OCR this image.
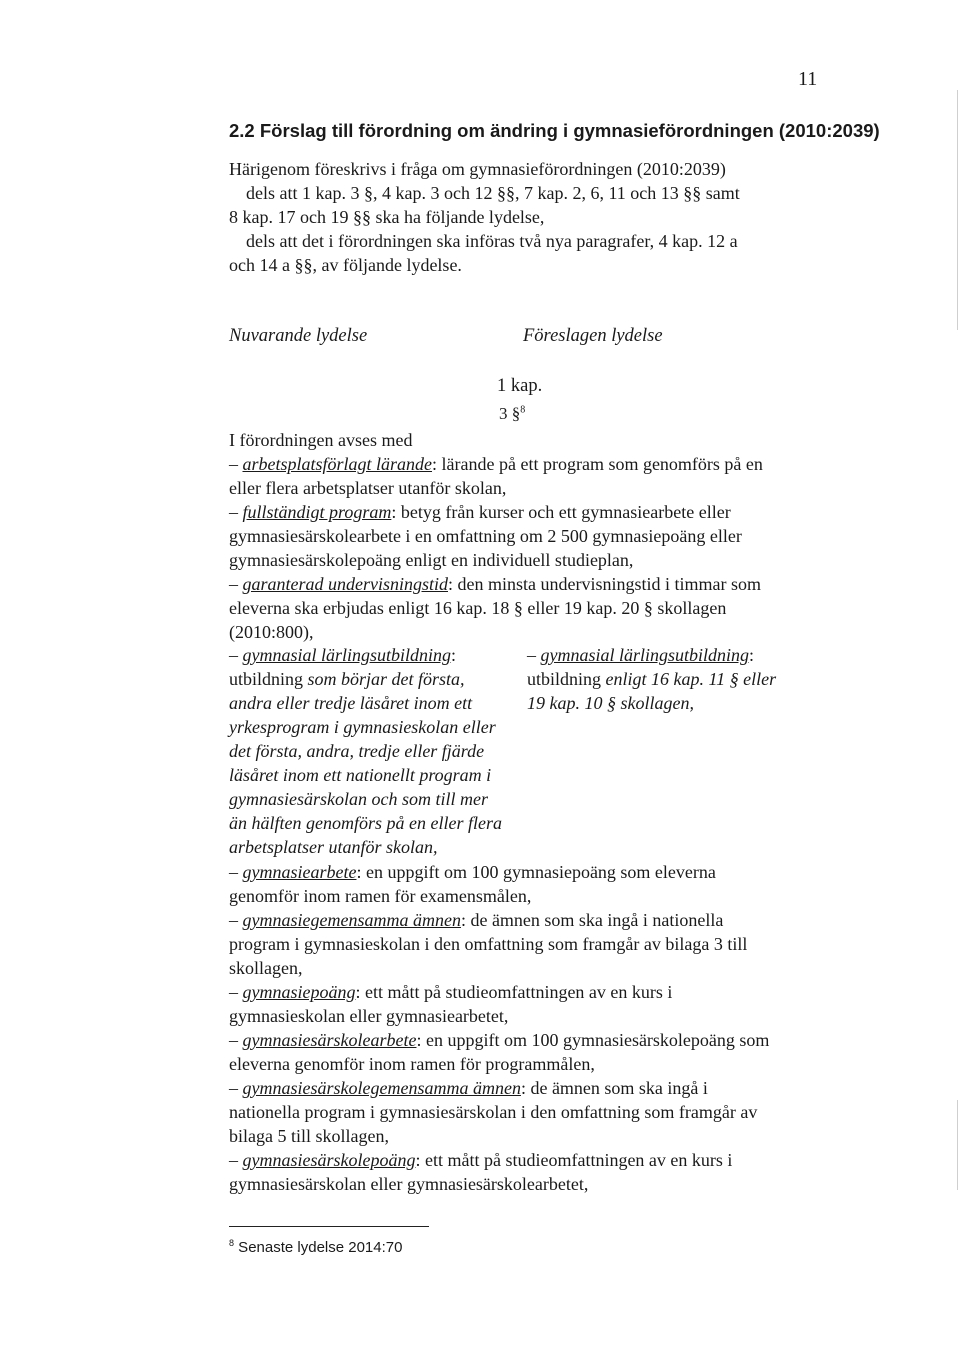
11
2.2 Förslag till förordning om ändring i gymnasieförordningen (2010:2039)
Härigenom föreskrivs i fråga om gymnasieförordningen (2010:2039)
dels att 1 kap. 3 §, 4 kap. 3 och 12 §§, 7 kap. 2, 6, 11 och 13 §§ samt
8 kap. 17 och 19 §§ ska ha följande lydelse,
dels att det i förordningen ska införas två nya paragrafer, 4 kap. 12 a
och 14 a §§, av följande lydelse.
Nuvarande lydelse	Föreslagen lydelse
1 kap.
3 §$^8$
I förordningen avses med
– arbetsplatsförlagt lärande: lärande på ett program som genomförs på en
eller flera arbetsplatser utanför skolan,
– fullständigt program: betyg från kurser och ett gymnasiearbete eller
gymnasiesärskolearbete i en omfattning om 2 500 gymnasiepoäng eller
gymnasiesärskolepoäng enligt en individuell studieplan,
– garanterad undervisningstid: den minsta undervisningstid i timmar som
eleverna ska erbjudas enligt 16 kap. 18 § eller 19 kap. 20 § skollagen
(2010:800),
– gymnasial lärlingsutbildning:
utbildning som börjar det första,
andra eller tredje läsåret inom ett
yrkesprogram i gymnasieskolan eller
det första, andra, tredje eller fjärde
läsåret inom ett nationellt program i
gymnasiesärskolan och som till mer
än hälften genomförs på en eller flera
arbetsplatser utanför skolan,
– gymnasial lärlingsutbildning:
utbildning enligt 16 kap. 11 § eller
19 kap. 10 § skollagen,
– gymnasiearbete: en uppgift om 100 gymnasiepoäng som eleverna
genomför inom ramen för examensmålen,
– gymnasiegemensamma ämnen: de ämnen som ska ingå i nationella
program i gymnasieskolan i den omfattning som framgår av bilaga 3 till
skollagen,
– gymnasiepoäng: ett mått på studieomfattningen av en kurs i
gymnasieskolan eller gymnasiearbetet,
– gymnasiesärskolearbete: en uppgift om 100 gymnasiesärskolepoäng som
eleverna genomför inom ramen för programmålen,
– gymnasiesärskolegemensamma ämnen: de ämnen som ska ingå i
nationella program i gymnasiesärskolan i den omfattning som framgår av
bilaga 5 till skollagen,
– gymnasiesärskolepoäng: ett mått på studieomfattningen av en kurs i
gymnasiesärskolan eller gymnasiesärskolearbetet,
$^8$ Senaste lydelse 2014:70
